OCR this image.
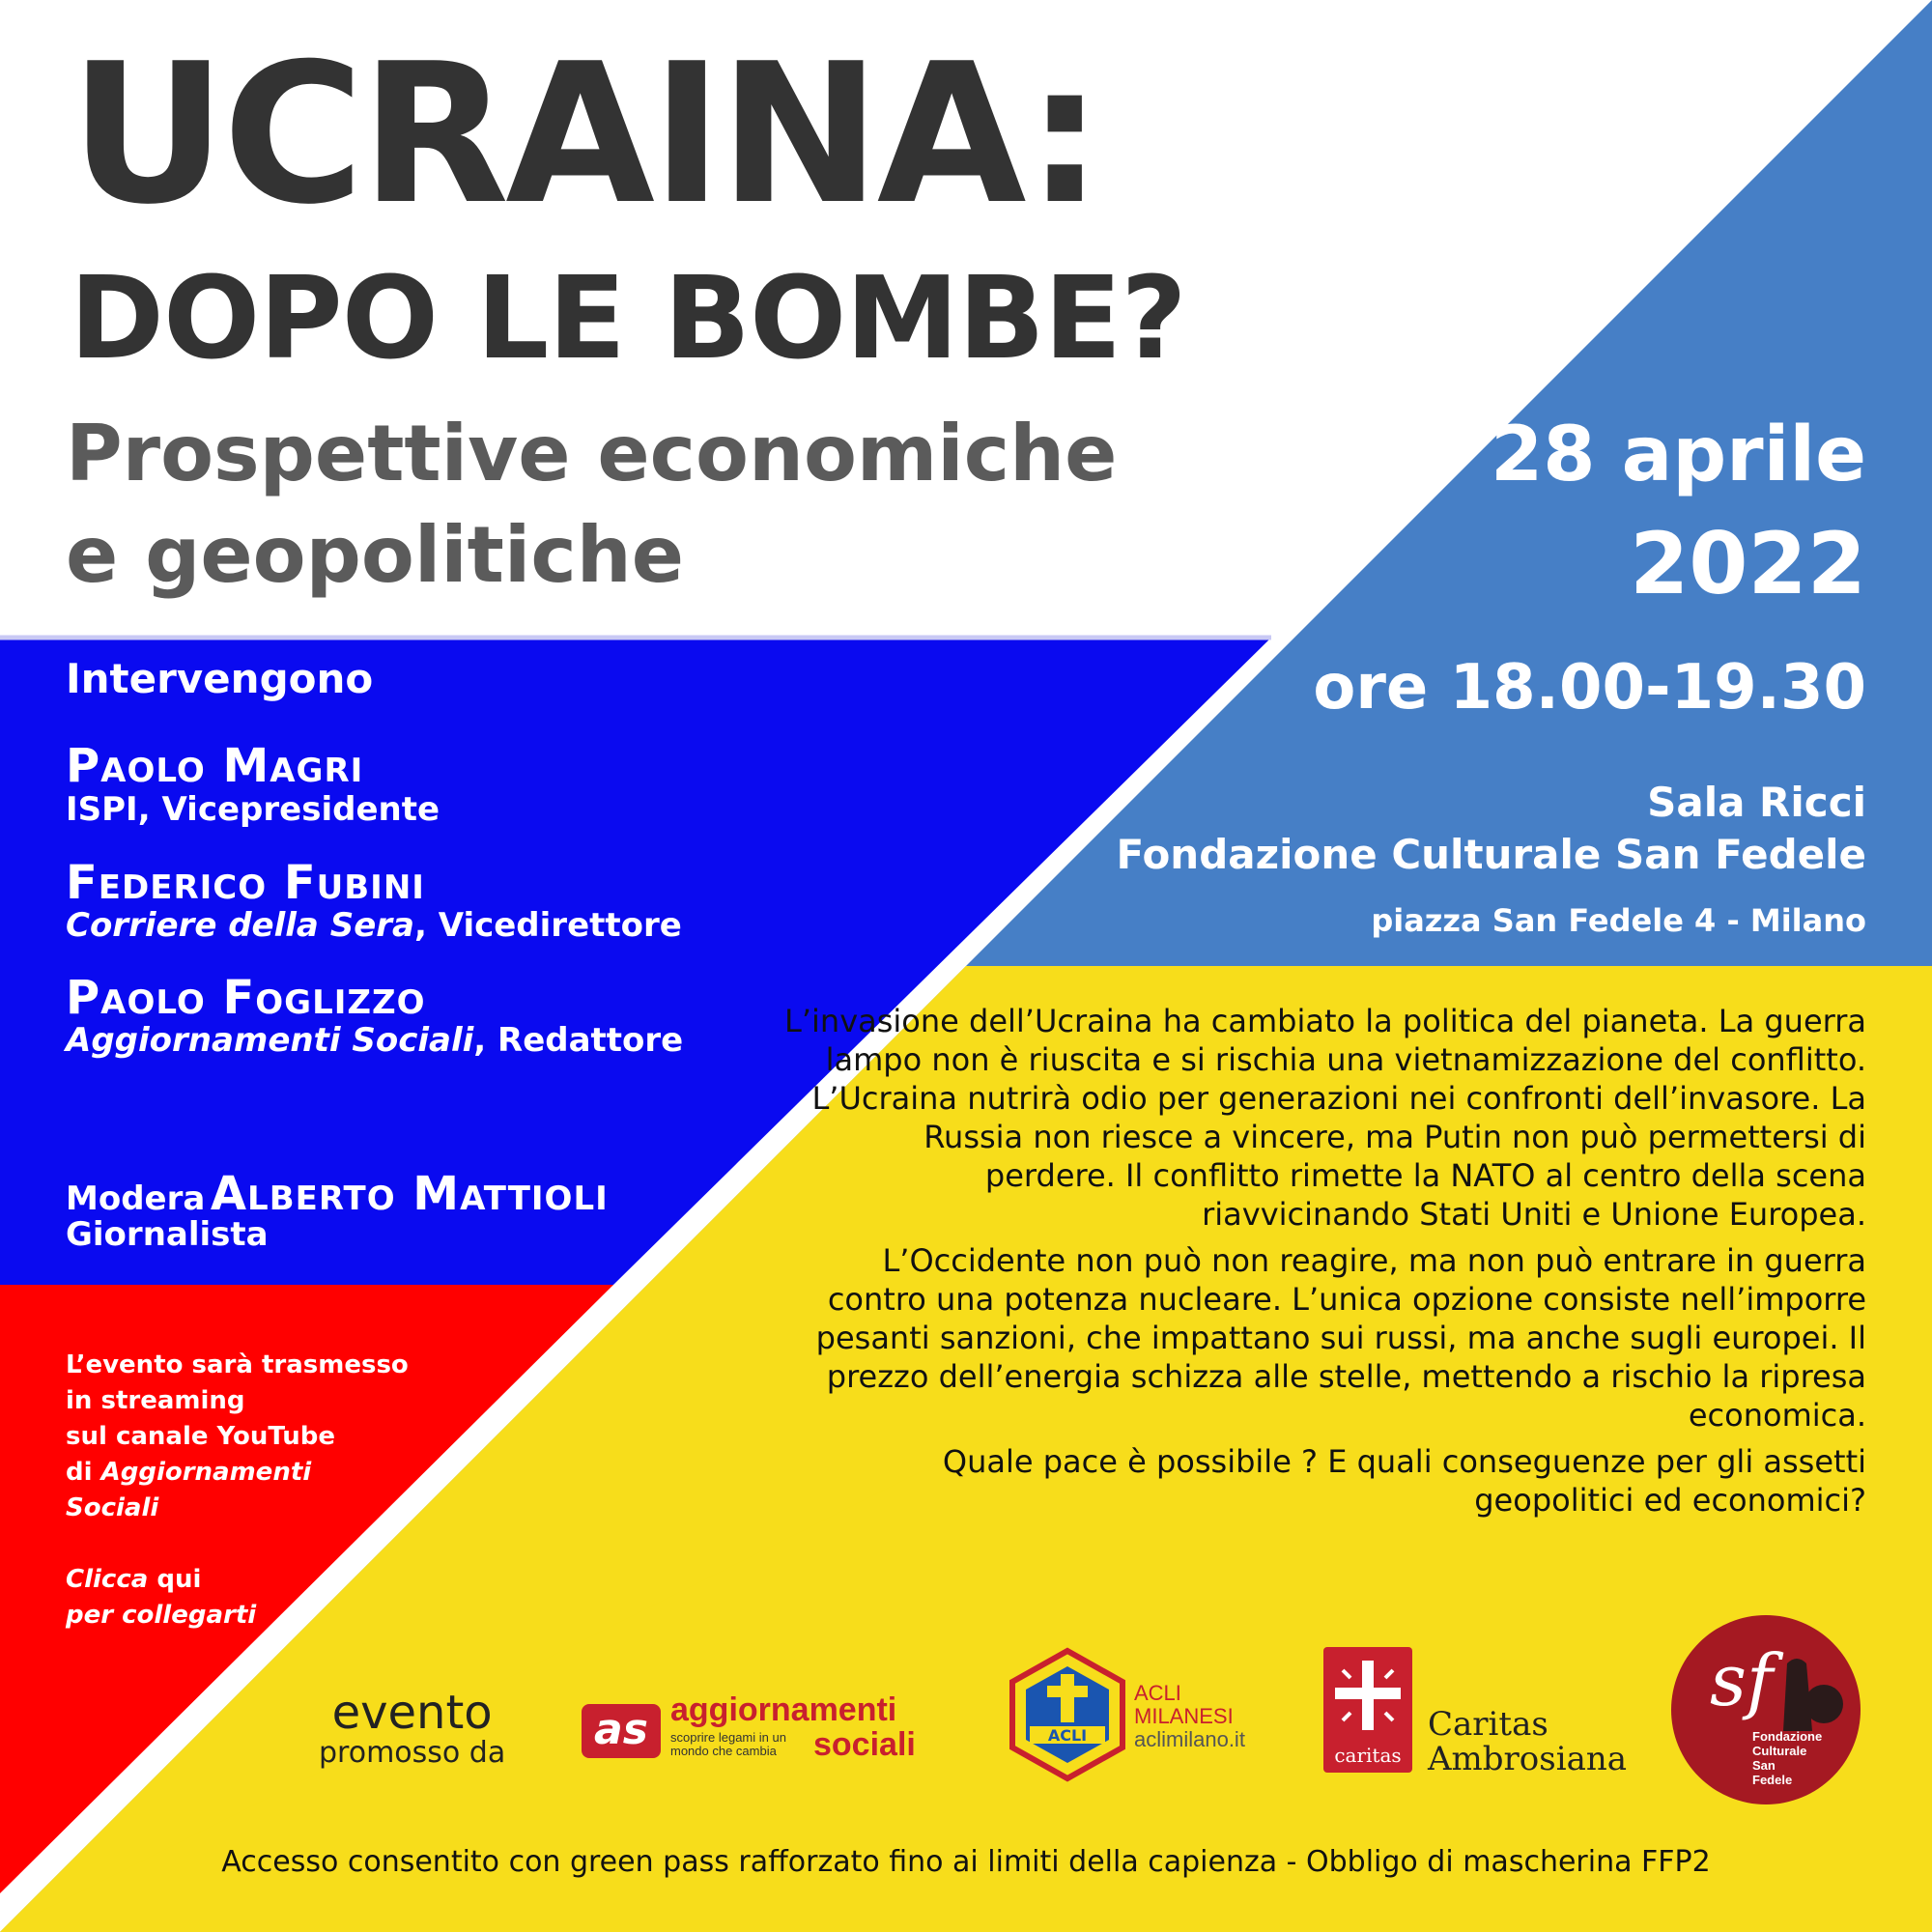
UCRAINA:
DOPO LE BOMBE?
Prospettive economiche
e geopolitiche
28 aprile
2022
ore 18.00-19.30
Sala Ricci
Fondazione Culturale San Fedele
piazza San Fedele 4 - Milano
Intervengono
Paolo Magri
ISPI, Vicepresidente
Federico Fubini
Corriere della Sera, Vicedirettore
Paolo Foglizzo
Aggiornamenti Sociali, Redattore
Modera Alberto Mattioli
Giornalista
L’evento sarà trasmesso
in streaming
sul canale YouTube
di Aggiornamenti
Sociali
Clicca qui
per collegarti

L’invasione dell’Ucraina ha cambiato la politica del pianeta. La guerra lampo non è riuscita e si rischia una vietnamizzazione del conflitto. L’Ucraina nutrirà odio per generazioni nei confronti dell’invasore. La Russia non riesce a vincere, ma Putin non può permettersi di perdere. Il conflitto rimette la NATO al centro della scena riavvicinando Stati Uniti e Unione Europea.

L’Occidente non può non reagire, ma non può entrare in guerra contro una potenza nucleare. L’unica opzione consiste nell’imporre pesanti sanzioni, che impattano sui russi, ma anche sugli europei. Il prezzo dell’energia schizza alle stelle, mettendo a rischio la ripresa economica.

Quale pace è possibile ? E quali conseguenze per gli assetti geopolitici ed economici?

evento
promosso da as aggiornamenti
scoprire legami in un
mondo che cambia sociali	ACLI
ACLI
MILANESI
aclimilano.it
caritas
Caritas
Ambrosiana
sf
Fondazione
Culturale
San
Fedele
Accesso consentito con green pass rafforzato fino ai limiti della capienza - Obbligo di mascherina FFP2
